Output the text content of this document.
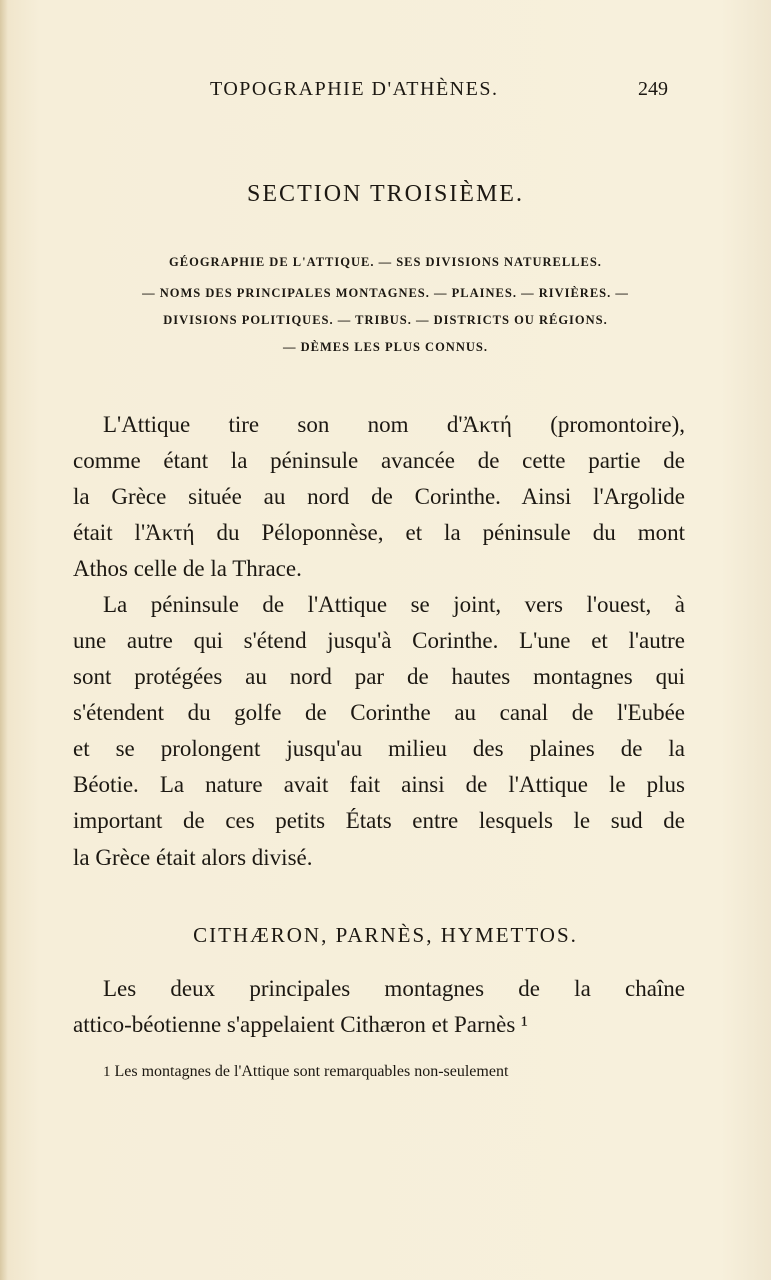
TOPOGRAPHIE D'ATHÈNES.	249
SECTION TROISIÈME.
GÉOGRAPHIE DE L'ATTIQUE. — SES DIVISIONS NATURELLES.
— NOMS DES PRINCIPALES MONTAGNES. — PLAINES. — RIVIÈRES. —
DIVISIONS POLITIQUES. — TRIBUS. — DISTRICTS OU RÉGIONS.
— DÈMES LES PLUS CONNUS.
L'Attique tire son nom d'Ἀκτή (promontoire),
comme étant la péninsule avancée de cette partie de
la Grèce située au nord de Corinthe. Ainsi l'Argolide
était l'Ἀκτή du Péloponnèse, et la péninsule du mont
Athos celle de la Thrace.
La péninsule de l'Attique se joint, vers l'ouest, à
une autre qui s'étend jusqu'à Corinthe. L'une et l'autre
sont protégées au nord par de hautes montagnes qui
s'étendent du golfe de Corinthe au canal de l'Eubée
et se prolongent jusqu'au milieu des plaines de la
Béotie. La nature avait fait ainsi de l'Attique le plus
important de ces petits États entre lesquels le sud de
la Grèce était alors divisé.
CITHÆRON, PARNÈS, HYMETTOS.
Les deux principales montagnes de la chaîne
attico-béotienne s'appelaient Cithæron et Parnès ¹
1 Les montagnes de l'Attique sont remarquables non-seulement
